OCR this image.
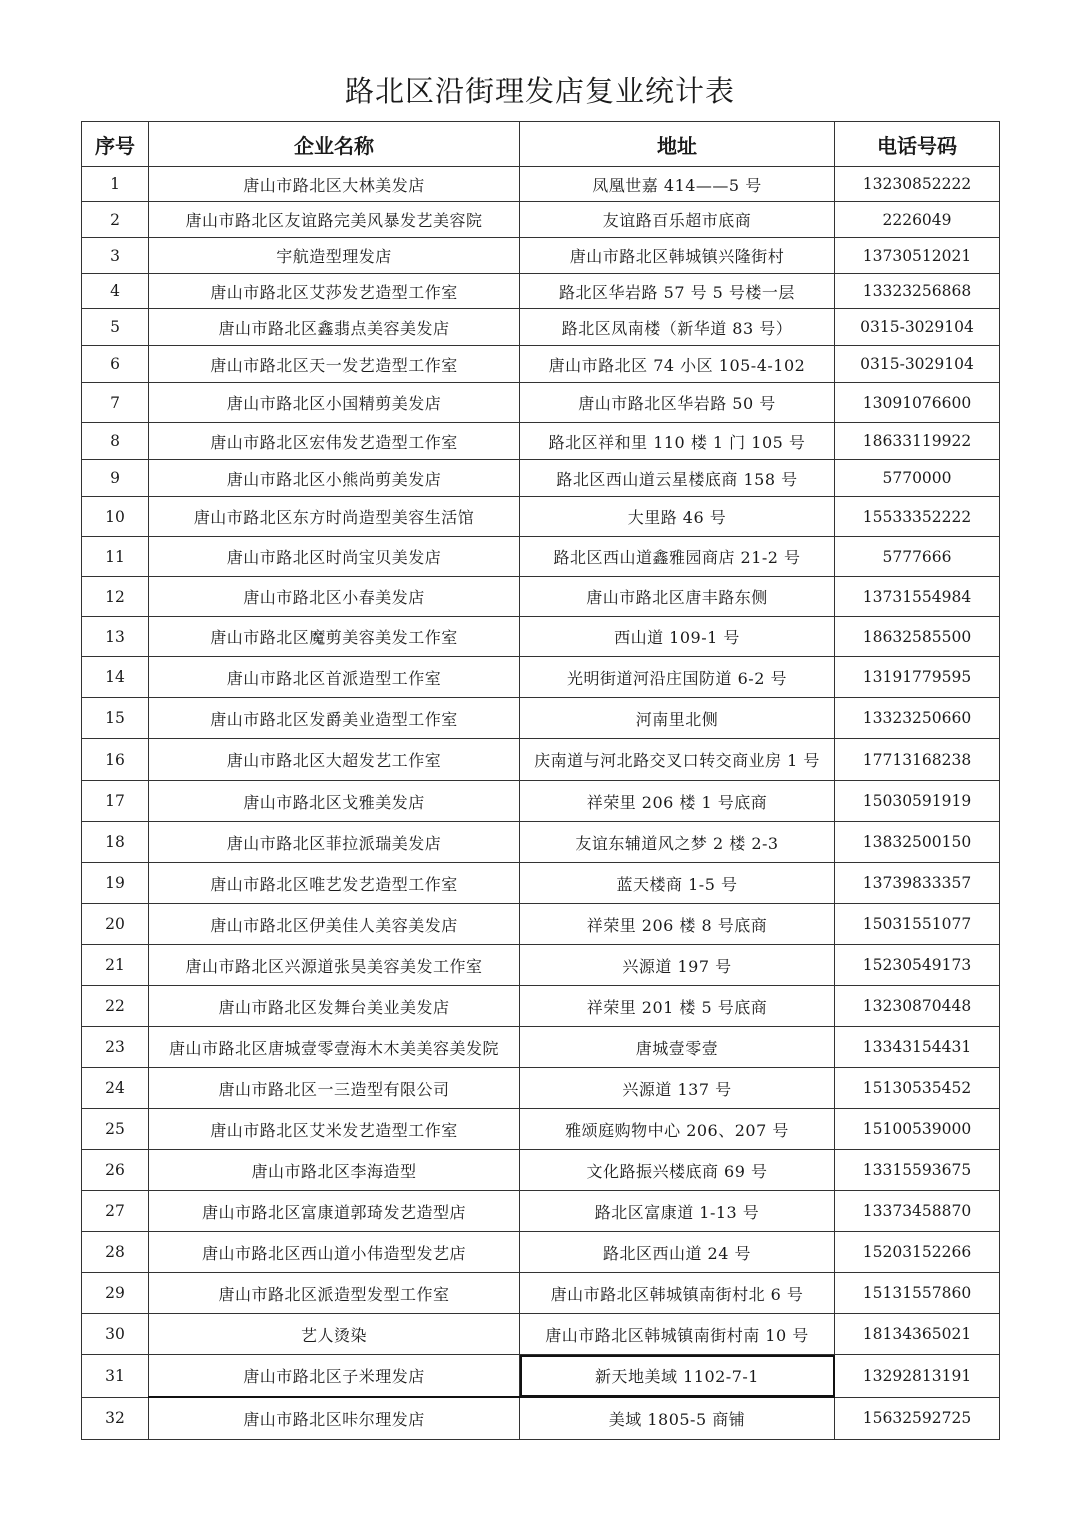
路北区沿街理发店复业统计表
序号	企业名称	地址	电话号码
1	唐山市路北区大林美发店	凤凰世嘉 414——5 号	13230852222
2	唐山市路北区友谊路完美风暴发艺美容院	友谊路百乐超市底商	2226049
3	宇航造型理发店	唐山市路北区韩城镇兴隆街村	13730512021
4	唐山市路北区艾莎发艺造型工作室	路北区华岩路 57 号 5 号楼一层	13323256868
5	唐山市路北区鑫翡点美容美发店	路北区凤南楼（新华道 83 号）	0315-3029104
6	唐山市路北区天一发艺造型工作室	唐山市路北区 74 小区 105-4-102	0315-3029104
7	唐山市路北区小国精剪美发店	唐山市路北区华岩路 50 号	13091076600
8	唐山市路北区宏伟发艺造型工作室	路北区祥和里 110 楼 1 门 105 号	18633119922
9	唐山市路北区小熊尚剪美发店	路北区西山道云星楼底商 158 号	5770000
10	唐山市路北区东方时尚造型美容生活馆	大里路 46 号	15533352222
11	唐山市路北区时尚宝贝美发店	路北区西山道鑫雅园商店 21-2 号	5777666
12	唐山市路北区小春美发店	唐山市路北区唐丰路东侧	13731554984
13	唐山市路北区魔剪美容美发工作室	西山道 109-1 号	18632585500
14	唐山市路北区首派造型工作室	光明街道河沿庄国防道 6-2 号	13191779595
15	唐山市路北区发爵美业造型工作室	河南里北侧	13323250660
16	唐山市路北区大超发艺工作室	庆南道与河北路交叉口转交商业房 1 号	17713168238
17	唐山市路北区戈雅美发店	祥荣里 206 楼 1 号底商	15030591919
18	唐山市路北区菲拉派瑞美发店	友谊东辅道风之梦 2 楼 2-3	13832500150
19	唐山市路北区唯艺发艺造型工作室	蓝天楼商 1-5 号	13739833357
20	唐山市路北区伊美佳人美容美发店	祥荣里 206 楼 8 号底商	15031551077
21	唐山市路北区兴源道张昊美容美发工作室	兴源道 197 号	15230549173
22	唐山市路北区发舞台美业美发店	祥荣里 201 楼 5 号底商	13230870448
23	唐山市路北区唐城壹零壹海木木美美容美发院	唐城壹零壹	13343154431
24	唐山市路北区一三造型有限公司	兴源道 137 号	15130535452
25	唐山市路北区艾米发艺造型工作室	雅颂庭购物中心 206、207 号	15100539000
26	唐山市路北区李海造型	文化路振兴楼底商 69 号	13315593675
27	唐山市路北区富康道郭琦发艺造型店	路北区富康道 1-13 号	13373458870
28	唐山市路北区西山道小伟造型发艺店	路北区西山道 24 号	15203152266
29	唐山市路北区派造型发型工作室	唐山市路北区韩城镇南街村北 6 号	15131557860
30	艺人烫染	唐山市路北区韩城镇南街村南 10 号	18134365021
31	唐山市路北区子米理发店	新天地美域 1102-7-1	13292813191
32	唐山市路北区咔尔理发店	美域 1805-5 商铺	15632592725
